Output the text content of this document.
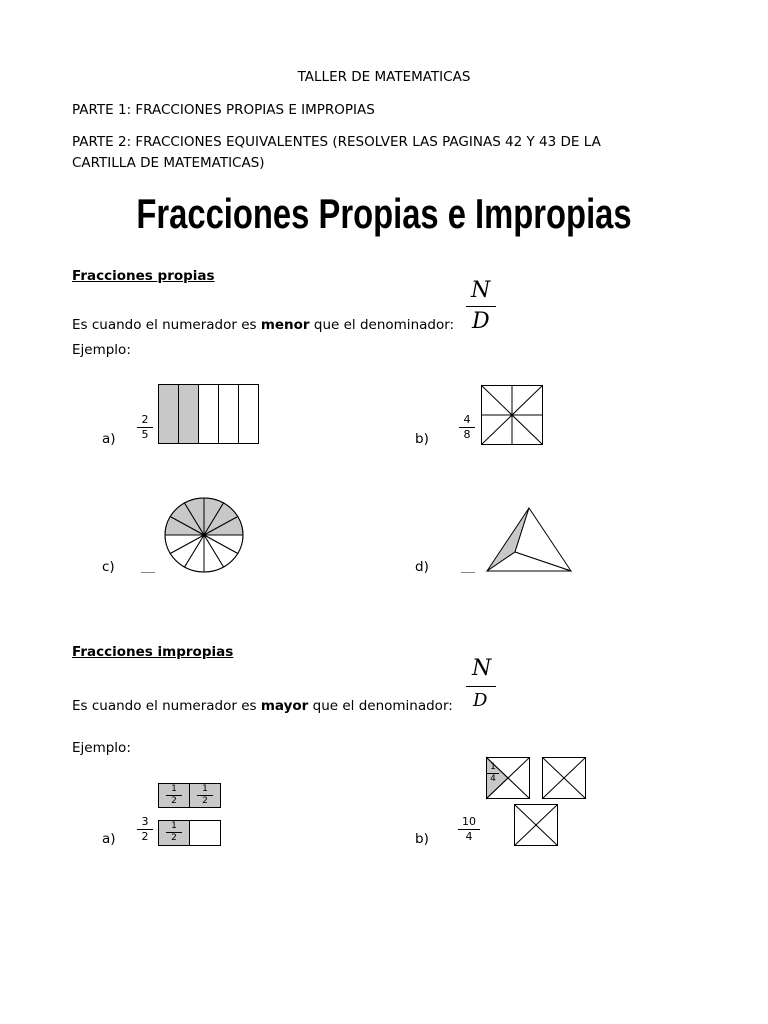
TALLER DE MATEMATICAS
PARTE 1: FRACCIONES PROPIAS E IMPROPIAS
PARTE 2: FRACCIONES EQUIVALENTES (RESOLVER LAS PAGINAS 42 Y 43 DE LA
CARTILLA DE MATEMATICAS)
Fracciones Propias e Impropias
Fracciones propias
N
D
Es cuando el numerador es menor que el denominador:
Ejemplo:
a)
2
5	b)
4
8
c)	d)
Fracciones impropias
N
D
Es cuando el numerador es mayor que el denominador:
Ejemplo:
a)
3
2
1
2
1
2
1
2	b)
10
4
1
4
